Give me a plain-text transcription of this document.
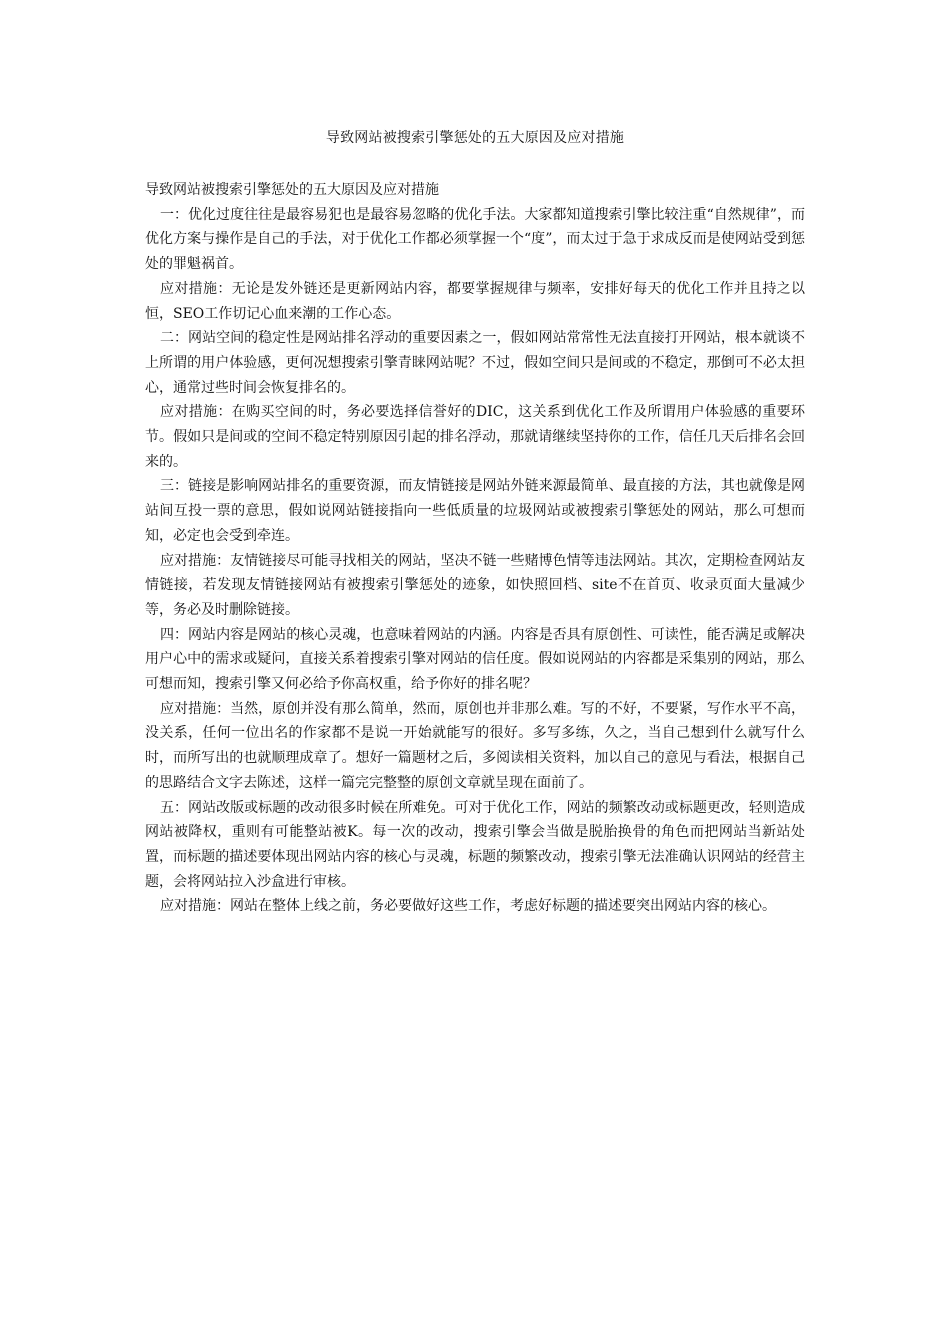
导致网站被搜索引擎惩处的五大原因及应对措施

导致网站被搜索引擎惩处的五大原因及应对措施

一：优化过度往往是最容易犯也是最容易忽略的优化手法。大家都知道搜索引擎比较注重“自然规律”，而优化方案与操作是自己的手法，对于优化工作都必须掌握一个“度”，而太过于急于求成反而是使网站受到惩处的罪魁祸首。

应对措施：无论是发外链还是更新网站内容，都要掌握规律与频率，安排好每天的优化工作并且持之以恒，SEO工作切记心血来潮的工作心态。

二：网站空间的稳定性是网站排名浮动的重要因素之一，假如网站常常性无法直接打开网站，根本就谈不上所谓的用户体验感，更何况想搜索引擎青睐网站呢？不过，假如空间只是间或的不稳定，那倒可不必太担心，通常过些时间会恢复排名的。

应对措施：在购买空间的时，务必要选择信誉好的DIC，这关系到优化工作及所谓用户体验感的重要环节。假如只是间或的空间不稳定特别原因引起的排名浮动，那就请继续坚持你的工作，信任几天后排名会回来的。

三：链接是影响网站排名的重要资源，而友情链接是网站外链来源最简单、最直接的方法，其也就像是网站间互投一票的意思，假如说网站链接指向一些低质量的垃圾网站或被搜索引擎惩处的网站，那么可想而知，必定也会受到牵连。

应对措施：友情链接尽可能寻找相关的网站，坚决不链一些赌博色情等违法网站。其次，定期检查网站友情链接，若发现友情链接网站有被搜索引擎惩处的迹象，如快照回档、site不在首页、收录页面大量减少等，务必及时删除链接。

四：网站内容是网站的核心灵魂，也意味着网站的内涵。内容是否具有原创性、可读性，能否满足或解决用户心中的需求或疑问，直接关系着搜索引擎对网站的信任度。假如说网站的内容都是采集别的网站，那么可想而知，搜索引擎又何必给予你高权重，给予你好的排名呢？

应对措施：当然，原创并没有那么简单，然而，原创也并非那么难。写的不好，不要紧，写作水平不高，没关系，任何一位出名的作家都不是说一开始就能写的很好。多写多练，久之，当自己想到什么就写什么时，而所写出的也就顺理成章了。想好一篇题材之后，多阅读相关资料，加以自己的意见与看法，根据自己的思路结合文字去陈述，这样一篇完完整整的原创文章就呈现在面前了。

五：网站改版或标题的改动很多时候在所难免。可对于优化工作，网站的频繁改动或标题更改，轻则造成网站被降权，重则有可能整站被K。每一次的改动，搜索引擎会当做是脱胎换骨的角色而把网站当新站处置，而标题的描述要体现出网站内容的核心与灵魂，标题的频繁改动，搜索引擎无法准确认识网站的经营主题，会将网站拉入沙盒进行审核。

应对措施：网站在整体上线之前，务必要做好这些工作，考虑好标题的描述要突出网站内容的核心。
